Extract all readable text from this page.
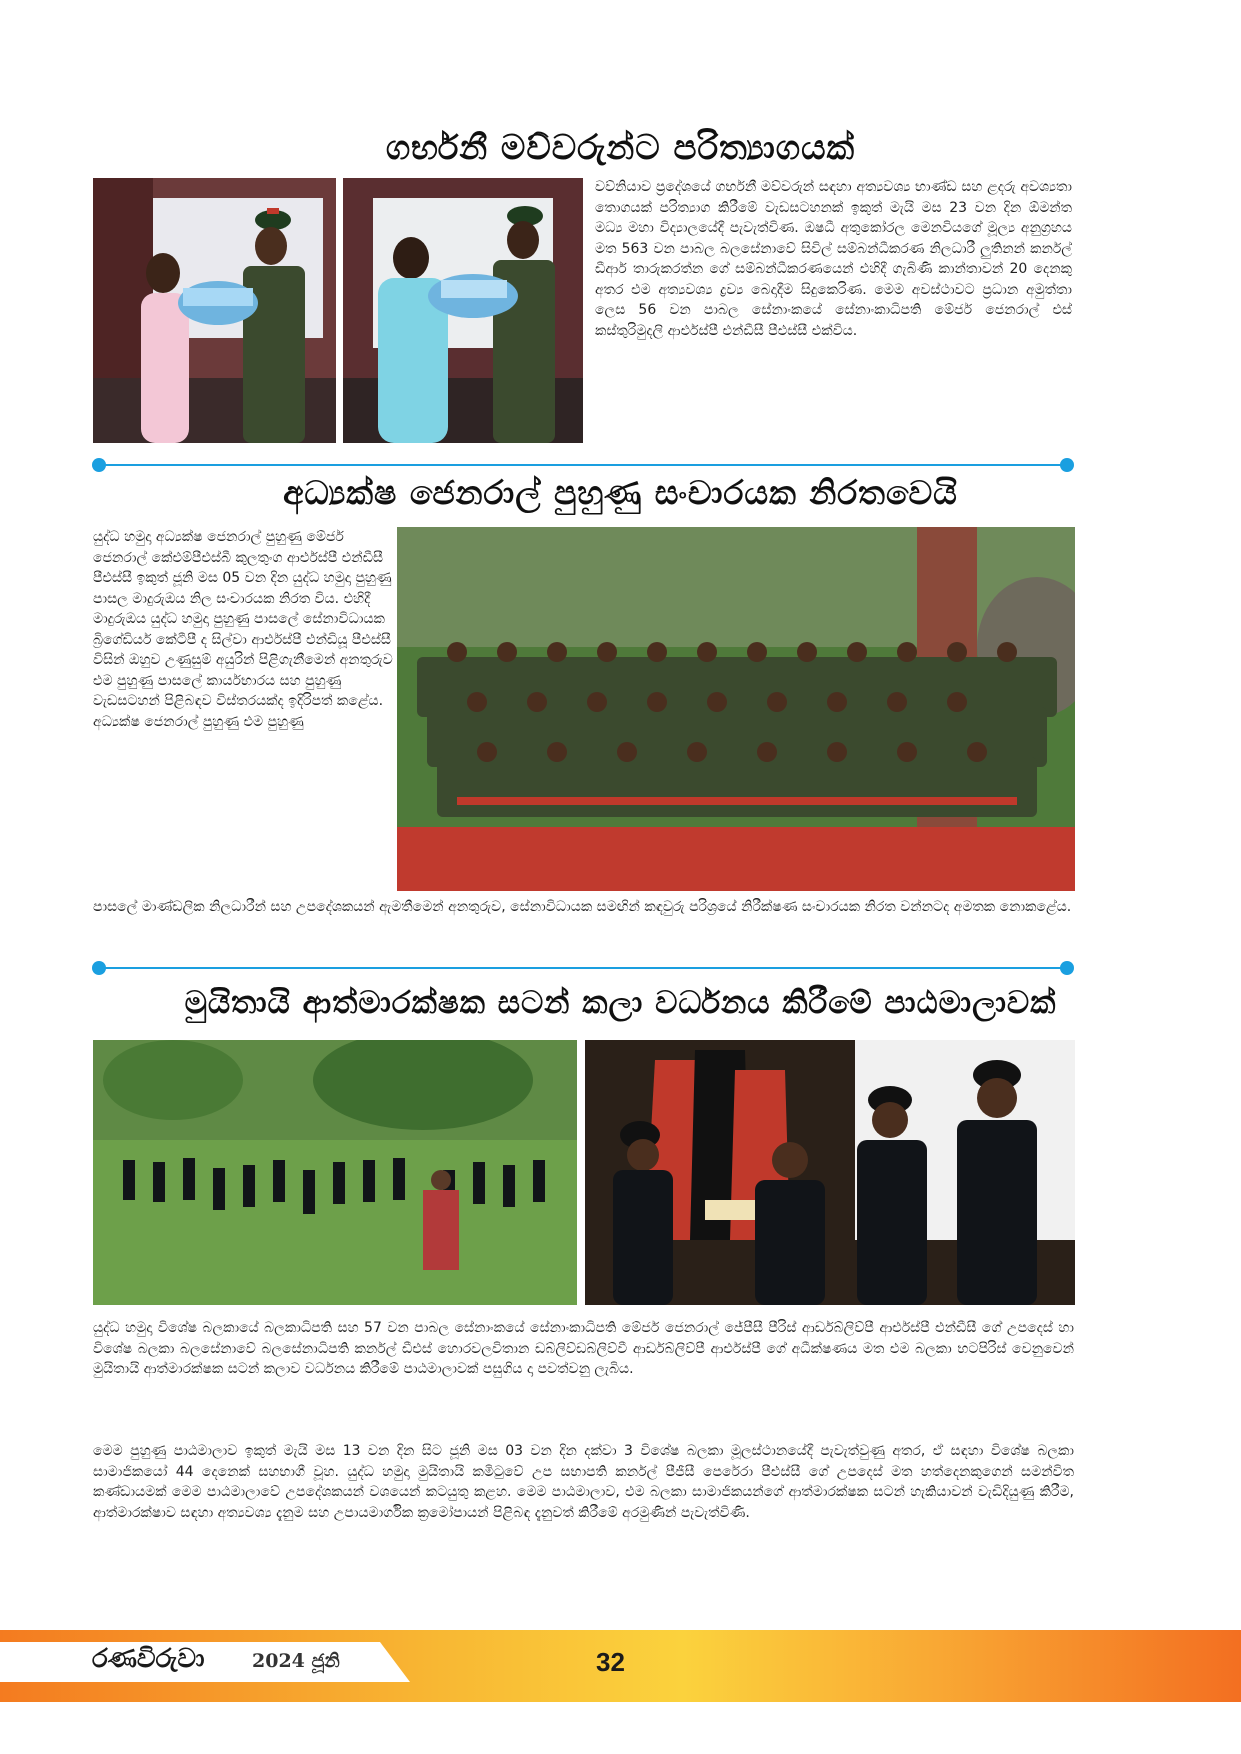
ගර්භනී මව්වරුන්ට පරිත්‍යාගයක්

වව්නියාව ප්‍රදේශයේ ගර්භනී මව්වරුන් සඳහා අත්‍යවශ්‍ය භාණ්ඩ සහ ළදරු අවශ්‍යතා තොගයක් පරිත්‍යාග කිරීමේ වැඩසටහනක් ඉකුත් මැයි මස 23 වන දින ඕමන්ත මධ්‍ය මහා විද්‍යාලයේදී පැවැත්විණ. ඔෂධී අතුකෝරල මෙනවියගේ මූල්‍ය අනුග්‍රහය මත 563 වන පාබල බලසේනාවේ සිවිල් සම්බන්ධීකරණ නිලධාරී ලුතිනන් කර්නල් ඩීආර් තාරුකරත්න ගේ සම්බන්ධීකරණයෙන් එහිදී ගැබිණි කාන්තාවන් 20 දෙනකු අතර එම අත්‍යවශ්‍ය ද්‍රව්‍ය බෙදාදීම සිදුකෙරිණ. මෙම අවස්ථාවට ප්‍රධාන අමුත්තා ලෙස 56 වන පාබල සේනාංකයේ සේනාංකාධිපති මේජර් ජෙනරාල් එස් කස්තුරිමුදලි ආර්එස්පී එන්ඩීසී පීඑස්සී එක්විය.

අධ්‍යක්ෂ ජෙනරාල් පුහුණු සංචාරයක නිරතවෙයි

යුද්ධ හමුදා අධ්‍යක්ෂ ජෙනරාල් පුහුණු මේජර් ජෙනරාල් කේඑම්පීඑස්බී කුලතුංග ආර්එස්පී එන්ඩීසී පීඑස්සී ඉකුත් ජූනි මස 05 වන දින යුද්ධ හමුදා පුහුණු පාසල මාදුරුඔය නිල සංචාරයක නිරත විය. එහිදී මාදුරුඔය යුද්ධ හමුදා පුහුණු පාසලේ සේනාවිධායක බ්‍රිගේඩියර් කේටීපී ද සිල්වා ආර්එස්පී එන්ඩියූ පීඑස්සී විසින් ඔහුව උණුසුම් අයුරින් පිළිගැනීමෙන් අනතුරුව එම පුහුණු පාසලේ කාර්යභාරය සහ පුහුණු වැඩසටහන් පිළිබඳව විස්තරයක්ද ඉදිරිපත් කළේය. අධ්‍යක්ෂ ජෙනරාල් පුහුණු එම පුහුණු

පාසලේ මාණ්ඩලික නිලධාරීන් සහ උපදේශකයන් ඇමතීමෙන් අනතුරුව, සේනාවිධායක සමඟින් කඳවුරු පරිශ්‍රයේ නිරීක්ෂණ සංචාරයක නිරත වන්නටද අමතක නොකළේය.

මුයිතායි ආත්මාරක්ෂක සටන් කලා වර්ධනය කිරීමේ පාඨමාලාවක්

යුද්ධ හමුදා විශේෂ බලකායේ බලකාධිපති සහ 57 වන පාබල සේනාංකයේ සේනාංකාධිපති මේජර් ජෙනරාල් ජේපීසී පීරිස් ආර්ඩබ්ලිව්පී ආර්එස්පී එන්ඩීසී ගේ උපදෙස් හා විශේෂ බලකා බලසේනාවේ බලසේනාධිපති කර්නල් ඩීඑස් හොරවලවිතාන ඩබ්ලිව්ඩබ්ලිව්වී ආර්ඩබ්ලිව්පී ආර්එස්පී ගේ අධීක්ෂණය මත එම බලකා භටපිරිස් වෙනුවෙන් මුයිතායි ආත්මාරක්ෂක සටන් කලාව වර්ධනය කිරීමේ පාඨමාලාවක් පසුගිය දා පවත්වනු ලැබිය.

මෙම පුහුණු පාඨමාලාව ඉකුත් මැයි මස 13 වන දින සිට ජූනි මස 03 වන දින දක්වා 3 විශේෂ බලකා මූලස්ථානයේදී පැවැත්වුණු අතර, ඒ සඳහා විශේෂ බලකා සාමාජිකයෝ 44 දෙනෙක් සහභාගී වූහ. යුද්ධ හමුදා මුයිතායි කමිටුවේ උප සභාපති කර්නල් පීජීසී පෙරේරා පීඑස්සී ගේ උපදෙස් මත හත්දෙනකුගෙන් සමන්විත කණ්ඩායමක් මෙම පාඨමාලාවේ උපදේශකයන් වශයෙන් කටයුතු කළහ. මෙම පාඨමාලාව, එම බලකා සාමාජිකයන්ගේ ආත්මාරක්ෂක සටන් හැකියාවන් වැඩිදියුණු කිරීම, ආත්මාරක්ෂාව සඳහා අත්‍යවශ්‍ය දැනුම සහ උපායමාර්ගික ක්‍රමෝපායන් පිළිබඳ දැනුවත් කිරීමේ අරමුණින් පැවැත්විණි.

රණවිරුවා 2024 ජූනි	32
